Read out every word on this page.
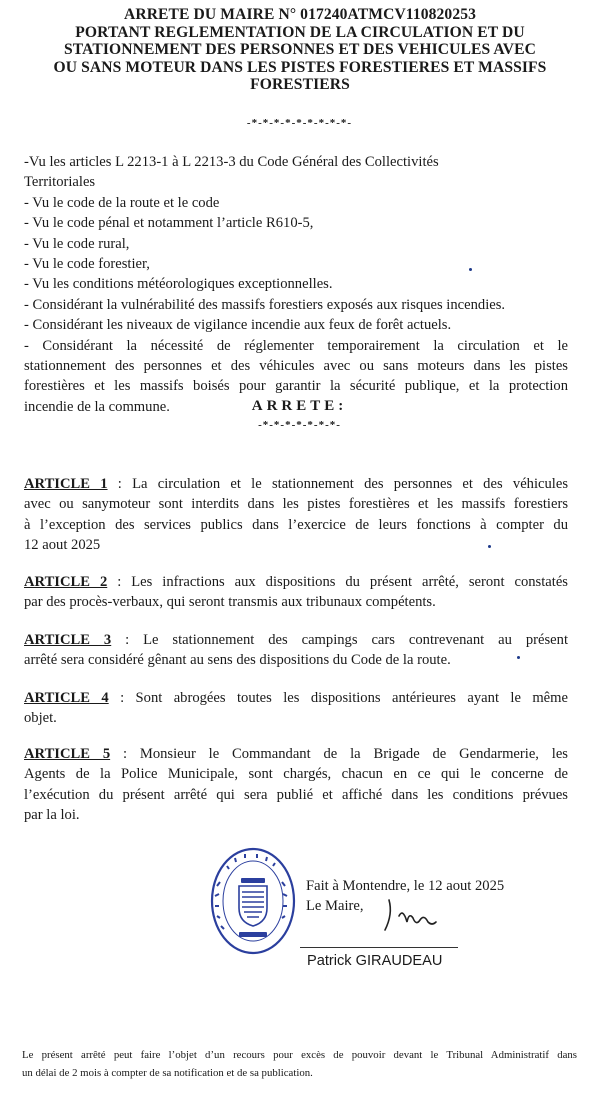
ARRETE DU MAIRE N° 017240ATMCV110820253
PORTANT REGLEMENTATION DE LA CIRCULATION ET DU
STATIONNEMENT DES PERSONNES ET DES VEHICULES AVEC
OU SANS MOTEUR DANS LES PISTES FORESTIERES ET MASSIFS
FORESTIERS
-*-*-*-*-*-*-*-*-*-
-Vu les articles L 2213-1 à L 2213-3 du Code Général des Collectivités
Territoriales
- Vu le code de la route et le code
- Vu le code pénal et notamment l’article R610-5,
- Vu le code rural,
- Vu le code forestier,
- Vu les conditions météorologiques exceptionnelles.
- Considérant la vulnérabilité des massifs forestiers exposés aux risques incendies.
- Considérant les niveaux de vigilance incendie aux feux de forêt actuels.
- Considérant la nécessité de réglementer temporairement la circulation et le
stationnement des personnes et des véhicules avec ou sans moteurs dans les pistes
forestières et les massifs boisés pour garantir la sécurité publique, et la protection
incendie de la commune.	ARRETE:
-*-*-*-*-*-*-*-
ARTICLE 1 : La circulation et le stationnement des personnes et des véhicules
avec ou sanymoteur sont interdits dans les pistes forestières et les massifs forestiers
à l’exception des services publics dans l’exercice de leurs fonctions à compter du
12 aout 2025
ARTICLE 2 : Les infractions aux dispositions du présent arrêté, seront constatés
par des procès-verbaux, qui seront transmis aux tribunaux compétents.
ARTICLE 3 : Le stationnement des campings cars contrevenant au présent
arrêté sera considéré gênant au sens des dispositions du Code de la route.
ARTICLE 4 : Sont abrogées toutes les dispositions antérieures ayant le même
objet.
ARTICLE 5 : Monsieur le Commandant de la Brigade de Gendarmerie, les
Agents de la Police Municipale, sont chargés, chacun en ce qui le concerne de
l’exécution du présent arrêté qui sera publié et affiché dans les conditions prévues
par la loi.
Fait à Montendre, le 12 aout 2025
Le Maire,
Patrick GIRAUDEAU
Le présent arrêté peut faire l’objet d’un recours pour excès de pouvoir devant le Tribunal Administratif dans
un délai de 2 mois à compter de sa notification et de sa publication.
